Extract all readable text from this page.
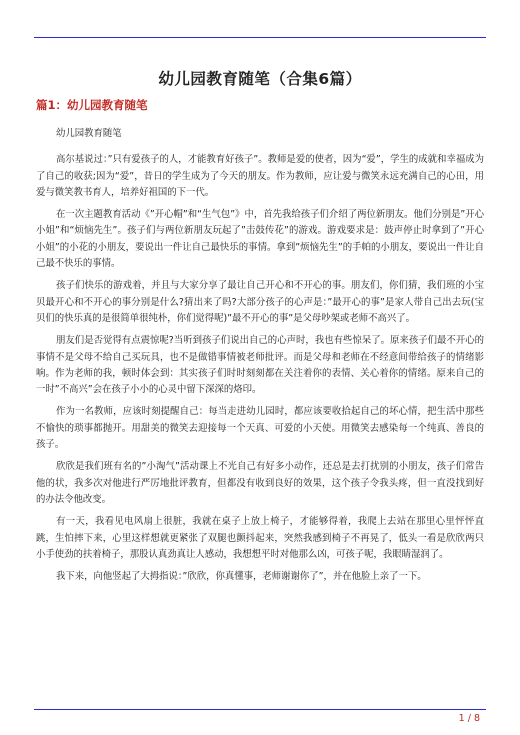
幼儿园教育随笔（合集6篇）
篇1：幼儿园教育随笔

幼儿园教育随笔

高尔基说过：”只有爱孩子的人，才能教育好孩子”。教师是爱的使者，因为“爱”，学生的成就和幸福成为了自己的收获;因为“爱”，昔日的学生成为了今天的朋友。作为教师，应让爱与微笑永远充满自己的心田，用爱与微笑教书育人，培养好祖国的下一代。

在一次主题教育活动《”开心帽”和“生气包”》中，首先我给孩子们介绍了两位新朋友。他们分别是”开心小姐”和“烦恼先生”。孩子们与两位新朋友玩起了”击鼓传花”的游戏。游戏要求是：鼓声停止时拿到了”开心小姐”的小花的小朋友，要说出一件让自己最快乐的事情。拿到”烦恼先生”的手帕的小朋友，要说出一件让自己最不快乐的事情。

孩子们快乐的游戏着，并且与大家分享了最让自己开心和不开心的事。朋友们，你们猜，我们班的小宝贝最开心和不开心的事分别是什么?猜出来了吗?大部分孩子的心声是：”最开心的事”是家人带自己出去玩(宝贝们的快乐真的是很简单很纯朴，你们觉得呢)”最不开心的事”是父母吵架或老师不高兴了。

朋友们是否觉得有点震惊呢?当听到孩子们说出自己的心声时，我也有些惊呆了。原来孩子们最不开心的事情不是父母不给自己买玩具，也不是做错事情被老师批评。而是父母和老师在不经意间带给孩子的情绪影响。作为老师的我，顿时体会到：其实孩子们时时刻刻都在关注着你的表情、关心着你的情绪。原来自己的一时”不高兴”会在孩子小小的心灵中留下深深的烙印。

作为一名教师，应该时刻提醒自己：每当走进幼儿园时，都应该要收拾起自己的坏心情，把生活中那些不愉快的琐事都抛开。用甜美的微笑去迎接每一个天真、可爱的小天使。用微笑去感染每一个纯真、善良的孩子。

欣欣是我们班有名的”小淘气”活动课上不光自己有好多小动作，还总是去打扰别的小朋友，孩子们常告他的状，我多次对他进行严厉地批评教育，但都没有收到良好的效果，这个孩子令我头疼，但一直没找到好的办法令他改变。

有一天，我看见电风扇上很脏，我就在桌子上放上椅子，才能够得着，我爬上去站在那里心里怦怦直跳，生怕摔下来，心里这样想就更紧张了双腿也颤抖起来，突然我感到椅子不再晃了，低头一看是欣欣两只小手使劲的扶着椅子，那股认真劲真让人感动，我想想平时对他那么凶，可孩子呢，我眼睛湿润了。

我下来，向他竖起了大拇指说：”欣欣，你真懂事，老师谢谢你了”，并在他脸上亲了一下。

1 / 8
